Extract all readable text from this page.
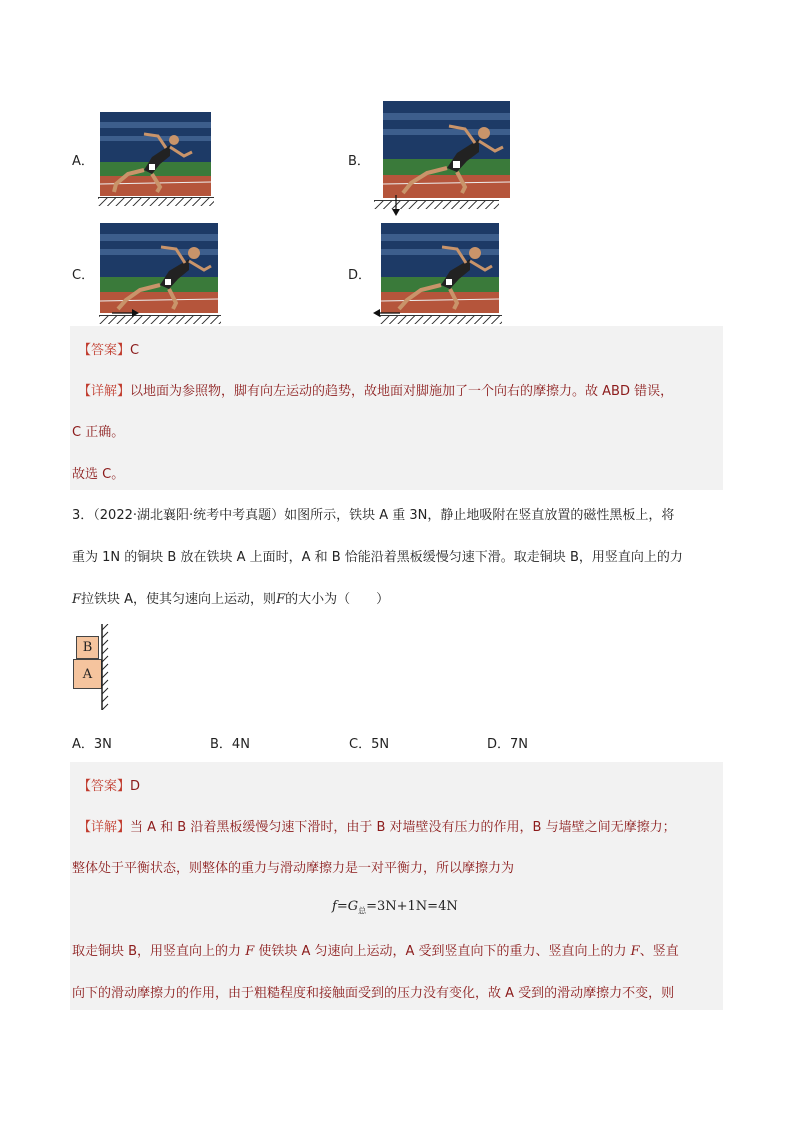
A．	B．
C．	D．
【答案】C
【详解】以地面为参照物，脚有向左运动的趋势，故地面对脚施加了一个向右的摩擦力。故 ABD 错误，
C 正确。
故选 C。
3．（2022·湖北襄阳·统考中考真题）如图所示，铁块 A 重 3N，静止地吸附在竖直放置的磁性黑板上，将
重为 1N 的铜块 B 放在铁块 A 上面时，A 和 B 恰能沿着黑板缓慢匀速下滑。取走铜块 B，用竖直向上的力
F拉铁块 A，使其匀速向上运动，则F的大小为（　　）
B
A
A．3N	B．4N	C．5N	D．7N
【答案】D
【详解】当 A 和 B 沿着黑板缓慢匀速下滑时，由于 B 对墙壁没有压力的作用，B 与墙壁之间无摩擦力；
整体处于平衡状态，则整体的重力与滑动摩擦力是一对平衡力，所以摩擦力为
$f=G_总=3N+1N=4N$
取走铜块 B，用竖直向上的力 F 使铁块 A 匀速向上运动，A 受到竖直向下的重力、竖直向上的力 F、竖直
向下的滑动摩擦力的作用，由于粗糙程度和接触面受到的压力没有变化，故 A 受到的滑动摩擦力不变，则
